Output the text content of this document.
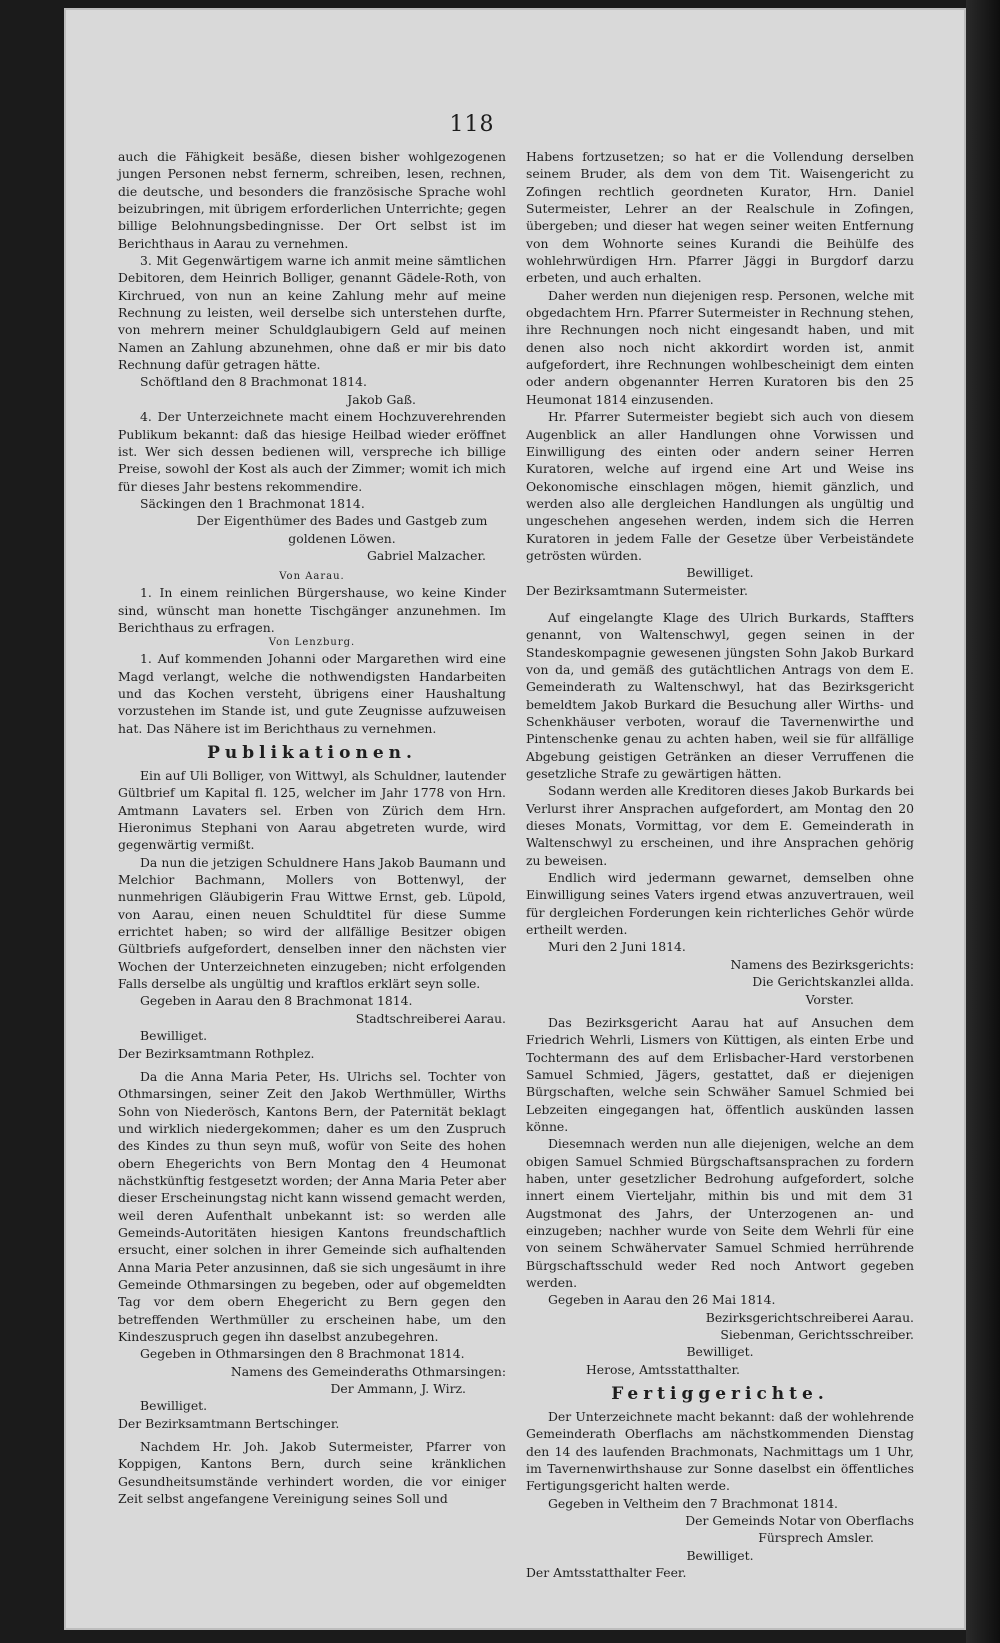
118

auch die Fähigkeit besäße, diesen bisher wohlgezogenen jungen Personen nebst fernerm, schreiben, lesen, rechnen, die deutsche, und besonders die französische Sprache wohl beizubringen, mit übrigem erforderlichen Unterrichte; gegen billige Belohnungsbedingnisse. Der Ort selbst ist im Berichthaus in Aarau zu vernehmen.

3. Mit Gegenwärtigem warne ich anmit meine sämtlichen Debitoren, dem Heinrich Bolliger, genannt Gädele-Roth, von Kirchrued, von nun an keine Zahlung mehr auf meine Rechnung zu leisten, weil derselbe sich unterstehen durfte, von mehrern meiner Schuldglaubigern Geld auf meinen Namen an Zahlung abzunehmen, ohne daß er mir bis dato Rechnung dafür getragen hätte.

Schöftland den 8 Brachmonat 1814.

Jakob Gaß.

4. Der Unterzeichnete macht einem Hochzuverehrenden Publikum bekannt: daß das hiesige Heilbad wieder eröffnet ist. Wer sich dessen bedienen will, verspreche ich billige Preise, sowohl der Kost als auch der Zimmer; womit ich mich für dieses Jahr bestens rekommendire.

Säckingen den 1 Brachmonat 1814.

Der Eigenthümer des Bades und Gastgeb zum goldenen Löwen.

Gabriel Malzacher.

Von Aarau.

1. In einem reinlichen Bürgershause, wo keine Kinder sind, wünscht man honette Tischgänger anzunehmen. Im Berichthaus zu erfragen.

Von Lenzburg.

1. Auf kommenden Johanni oder Margarethen wird eine Magd verlangt, welche die nothwendigsten Handarbeiten und das Kochen versteht, übrigens einer Haushaltung vorzustehen im Stande ist, und gute Zeugnisse aufzuweisen hat. Das Nähere ist im Berichthaus zu vernehmen.

Publikationen.

Ein auf Uli Bolliger, von Wittwyl, als Schuldner, lautender Gültbrief um Kapital fl. 125, welcher im Jahr 1778 von Hrn. Amtmann Lavaters sel. Erben von Zürich dem Hrn. Hieronimus Stephani von Aarau abgetreten wurde, wird gegenwärtig vermißt.

Da nun die jetzigen Schuldnere Hans Jakob Baumann und Melchior Bachmann, Mollers von Bottenwyl, der nunmehrigen Gläubigerin Frau Wittwe Ernst, geb. Lüpold, von Aarau, einen neuen Schuldtitel für diese Summe errichtet haben; so wird der allfällige Besitzer obigen Gültbriefs aufgefordert, denselben inner den nächsten vier Wochen der Unterzeichneten einzugeben; nicht erfolgenden Falls derselbe als ungültig und kraftlos erklärt seyn solle.

Gegeben in Aarau den 8 Brachmonat 1814.

Stadtschreiberei Aarau.

Bewilliget.

Der Bezirksamtmann Rothplez.

Da die Anna Maria Peter, Hs. Ulrichs sel. Tochter von Othmarsingen, seiner Zeit den Jakob Werthmüller, Wirths Sohn von Niederösch, Kantons Bern, der Paternität beklagt und wirklich niedergekommen; daher es um den Zuspruch des Kindes zu thun seyn muß, wofür von Seite des hohen obern Ehegerichts von Bern Montag den 4 Heumonat nächstkünftig festgesetzt worden; der Anna Maria Peter aber dieser Erscheinungstag nicht kann wissend gemacht werden, weil deren Aufenthalt unbekannt ist: so werden alle Gemeinds-Autoritäten hiesigen Kantons freundschaftlich ersucht, einer solchen in ihrer Gemeinde sich aufhaltenden Anna Maria Peter anzusinnen, daß sie sich ungesäumt in ihre Gemeinde Othmarsingen zu begeben, oder auf obgemeldten Tag vor dem obern Ehegericht zu Bern gegen den betreffenden Werthmüller zu erscheinen habe, um den Kindeszuspruch gegen ihn daselbst anzubegehren.

Gegeben in Othmarsingen den 8 Brachmonat 1814.

Namens des Gemeinderaths Othmarsingen:

Der Ammann, J. Wirz.

Bewilliget.

Der Bezirksamtmann Bertschinger.

Nachdem Hr. Joh. Jakob Sutermeister, Pfarrer von Koppigen, Kantons Bern, durch seine kränklichen Gesundheitsumstände verhindert worden, die vor einiger Zeit selbst angefangene Vereinigung seines Soll und

Habens fortzusetzen; so hat er die Vollendung derselben seinem Bruder, als dem von dem Tit. Waisengericht zu Zofingen rechtlich geordneten Kurator, Hrn. Daniel Sutermeister, Lehrer an der Realschule in Zofingen, übergeben; und dieser hat wegen seiner weiten Entfernung von dem Wohnorte seines Kurandi die Beihülfe des wohlehrwürdigen Hrn. Pfarrer Jäggi in Burgdorf darzu erbeten, und auch erhalten.

Daher werden nun diejenigen resp. Personen, welche mit obgedachtem Hrn. Pfarrer Sutermeister in Rechnung stehen, ihre Rechnungen noch nicht eingesandt haben, und mit denen also noch nicht akkordirt worden ist, anmit aufgefordert, ihre Rechnungen wohlbescheinigt dem einten oder andern obgenannter Herren Kuratoren bis den 25 Heumonat 1814 einzusenden.

Hr. Pfarrer Sutermeister begiebt sich auch von diesem Augenblick an aller Handlungen ohne Vorwissen und Einwilligung des einten oder andern seiner Herren Kuratoren, welche auf irgend eine Art und Weise ins Oekonomische einschlagen mögen, hiemit gänzlich, und werden also alle dergleichen Handlungen als ungültig und ungeschehen angesehen werden, indem sich die Herren Kuratoren in jedem Falle der Gesetze über Verbeiständete getrösten würden.

Bewilliget.

Der Bezirksamtmann Sutermeister.

Auf eingelangte Klage des Ulrich Burkards, Staffters genannt, von Waltenschwyl, gegen seinen in der Standeskompagnie gewesenen jüngsten Sohn Jakob Burkard von da, und gemäß des gutächtlichen Antrags von dem E. Gemeinderath zu Waltenschwyl, hat das Bezirksgericht bemeldtem Jakob Burkard die Besuchung aller Wirths- und Schenkhäuser verboten, worauf die Tavernenwirthe und Pintenschenke genau zu achten haben, weil sie für allfällige Abgebung geistigen Getränken an dieser Verruffenen die gesetzliche Strafe zu gewärtigen hätten.

Sodann werden alle Kreditoren dieses Jakob Burkards bei Verlurst ihrer Ansprachen aufgefordert, am Montag den 20 dieses Monats, Vormittag, vor dem E. Gemeinderath in Waltenschwyl zu erscheinen, und ihre Ansprachen gehörig zu beweisen.

Endlich wird jedermann gewarnet, demselben ohne Einwilligung seines Vaters irgend etwas anzuvertrauen, weil für dergleichen Forderungen kein richterliches Gehör würde ertheilt werden.

Muri den 2 Juni 1814.

Namens des Bezirksgerichts:

Die Gerichtskanzlei allda.

Vorster.

Das Bezirksgericht Aarau hat auf Ansuchen dem Friedrich Wehrli, Lismers von Küttigen, als einten Erbe und Tochtermann des auf dem Erlisbacher-Hard verstorbenen Samuel Schmied, Jägers, gestattet, daß er diejenigen Bürgschaften, welche sein Schwäher Samuel Schmied bei Lebzeiten eingegangen hat, öffentlich auskünden lassen könne.

Diesemnach werden nun alle diejenigen, welche an dem obigen Samuel Schmied Bürgschaftsansprachen zu fordern haben, unter gesetzlicher Bedrohung aufgefordert, solche innert einem Vierteljahr, mithin bis und mit dem 31 Augstmonat des Jahrs, der Unterzogenen an- und einzugeben; nachher wurde von Seite dem Wehrli für eine von seinem Schwähervater Samuel Schmied herrührende Bürgschaftsschuld weder Red noch Antwort gegeben werden.

Gegeben in Aarau den 26 Mai 1814.

Bezirksgerichtschreiberei Aarau.

Siebenman, Gerichtsschreiber.

Bewilliget.

Herose, Amtsstatthalter.

Fertiggerichte.

Der Unterzeichnete macht bekannt: daß der wohlehrende Gemeinderath Oberflachs am nächstkommenden Dienstag den 14 des laufenden Brachmonats, Nachmittags um 1 Uhr, im Tavernenwirthshause zur Sonne daselbst ein öffentliches Fertigungsgericht halten werde.

Gegeben in Veltheim den 7 Brachmonat 1814.

Der Gemeinds Notar von Oberflachs

Fürsprech Amsler.

Bewilliget.

Der Amtsstatthalter Feer.
